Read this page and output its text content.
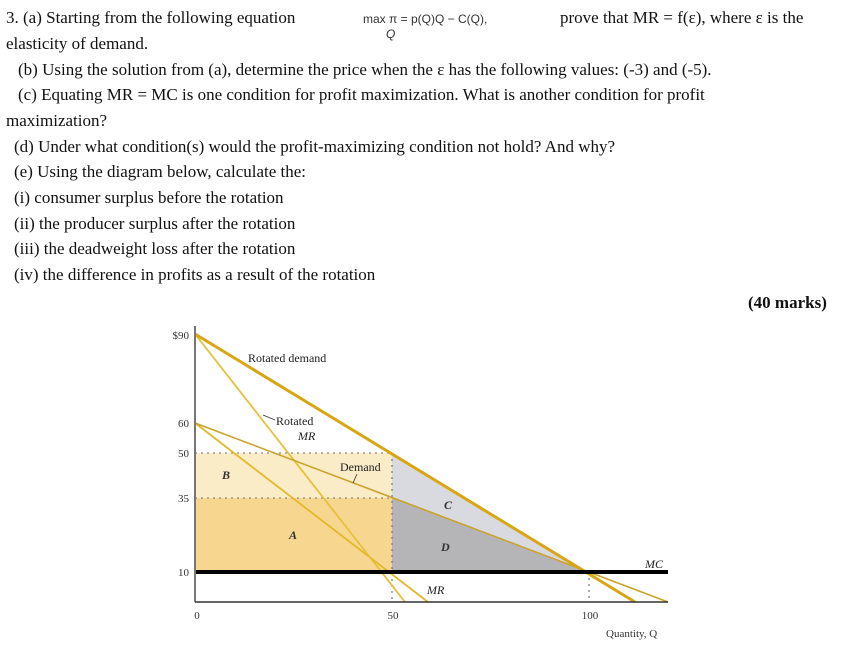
3. (a) Starting from the following equation	max π = p(Q)Q − C(Q),
Q
prove that MR = f(ε), where ε is the
elasticity of demand.
(b) Using the solution from (a), determine the price when the ε has the following values: (-3) and (-5).
(c) Equating MR = MC is one condition for profit maximization. What is another condition for profit
maximization?
(d) Under what condition(s) would the profit-maximizing condition not hold? And why?
(e) Using the diagram below, calculate the:
(i) consumer surplus before the rotation
(ii) the producer surplus after the rotation
(iii) the deadweight loss after the rotation
(iv) the difference in profits as a result of the rotation
(40 marks)
$90
60
50
35
10
0	50	100
Quantity, Q
Rotated demand
Rotated
MR
Demand
MR
MC
A
B
C
D
